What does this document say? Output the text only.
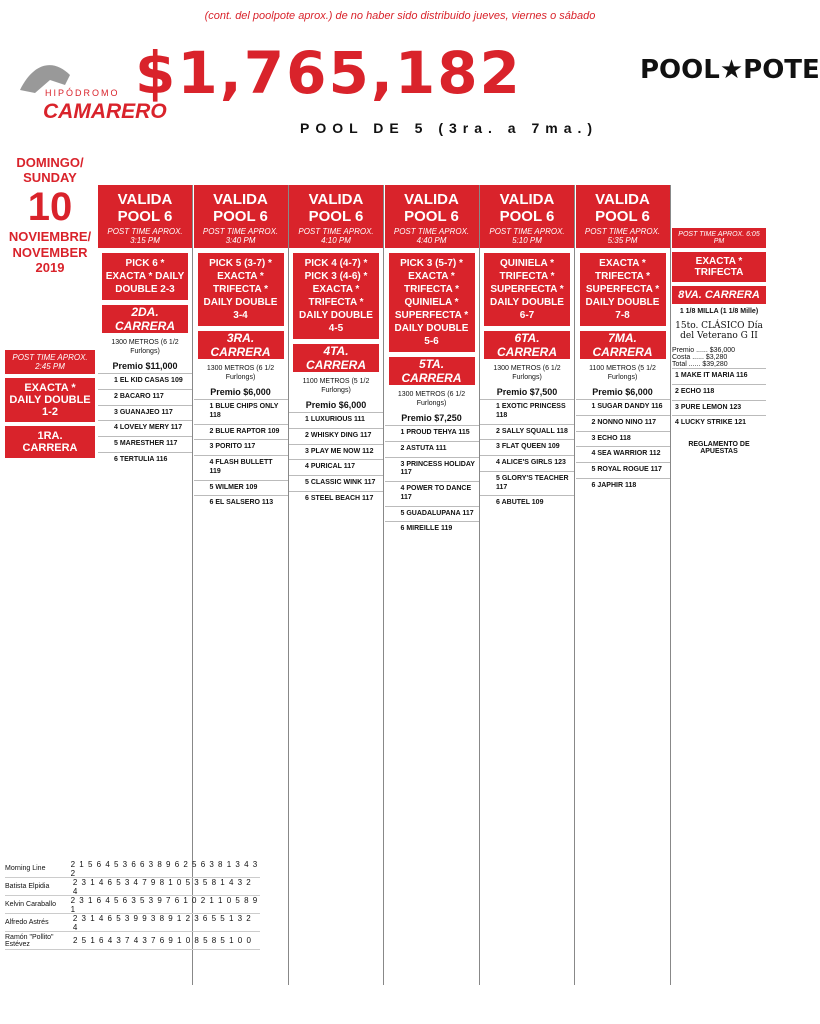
(cont. del poolpote aprox.) de no haber sido distribuido jueves, viernes o sábado
HIPÓDROMO
CAMARERO
$1,765,182	POOL★POTE
POOL DE 5 (3ra. a 7ma.)
DOMINGO/ SUNDAY
10
NOVIEMBRE/ NOVEMBER
2019
POST TIME APROX. 2:45 PM
EXACTA * DAILY DOUBLE 1-2
1RA. CARRERA
VALIDA POOL 6
POST TIME APROX. 3:15 PM
PICK 6 * EXACTA * DAILY DOUBLE 2-3
2DA. CARRERA
1300 METROS (6 1/2 Furlongs)
Premio $11,000
1 EL KID CASAS 109
2 BACARO 117
3 GUANAJEO 117
4 LOVELY MERY 117
5 MARESTHER 117
6 TERTULIA 116
VALIDA POOL 6
POST TIME APROX. 3:40 PM
PICK 5 (3-7) * EXACTA * TRIFECTA * DAILY DOUBLE 3-4
3RA. CARRERA
1300 METROS (6 1/2 Furlongs)
Premio $6,000
1 BLUE CHIPS ONLY 118
2 BLUE RAPTOR 109
3 PORITO 117
4 FLASH BULLETT 119
5 WILMER 109
6 EL SALSERO 113
VALIDA POOL 6
POST TIME APROX. 4:10 PM
PICK 4 (4-7) * PICK 3 (4-6) * EXACTA * TRIFECTA * DAILY DOUBLE 4-5
4TA. CARRERA
1100 METROS (5 1/2 Furlongs)
Premio $6,000
1 LUXURIOUS 111
2 WHISKY DING 117
3 PLAY ME NOW 112
4 PURICAL 117
5 CLASSIC WINK 117
6 STEEL BEACH 117
VALIDA POOL 6
POST TIME APROX. 4:40 PM
PICK 3 (5-7) * EXACTA * TRIFECTA * QUINIELA * SUPERFECTA * DAILY DOUBLE 5-6
5TA. CARRERA
1300 METROS (6 1/2 Furlongs)
Premio $7,250
1 PROUD TEHYA 115
2 ASTUTA 111
3 PRINCESS HOLIDAY 117
4 POWER TO DANCE 117
5 GUADALUPANA 117
6 MIREILLE 119
VALIDA POOL 6
POST TIME APROX. 5:10 PM
QUINIELA * TRIFECTA * SUPERFECTA * DAILY DOUBLE 6-7
6TA. CARRERA
1300 METROS (6 1/2 Furlongs)
Premio $7,500
1 EXOTIC PRINCESS 118
2 SALLY SQUALL 118
3 FLAT QUEEN 109
4 ALICE'S GIRLS 123
5 GLORY'S TEACHER 117
6 ABUTEL 109
VALIDA POOL 6
POST TIME APROX. 5:35 PM
EXACTA * TRIFECTA * SUPERFECTA * DAILY DOUBLE 7-8
7MA. CARRERA
1100 METROS (5 1/2 Furlongs)
Premio $6,000
1 SUGAR DANDY 116
2 NONNO NINO 117
3 ECHO 118
4 SEA WARRIOR 112
5 ROYAL ROGUE 117
6 JAPHIR 118
POST TIME APROX. 6:05 PM
EXACTA * TRIFECTA
8VA. CARRERA
1 1/8 MILLA (1 1/8 Mille)
15to. CLÁSICO Día del Veterano G II
Premio ...... $36,000
Costa ...... $3,280
Total ...... $39,280
1 MAKE IT MARIA 116
2 ECHO 118
3 PURE LEMON 123
4 LUCKY STRIKE 121
REGLAMENTO DE APUESTAS
Morning Line	2 1 5 6 4 5 3 6 6 3 8 9 6 2 5 6 3 8 1 3 4 3 2
Batista Elpidia	2 3 1 4 6 5 3 4 7 9 8 1 0 5 3 5 8 1 4 3 2 4
Kelvin Caraballo	2 3 1 6 4 5 6 3 5 3 9 7 6 1 0 2 1 1 0 5 8 9 1
Alfredo Astrés	2 3 1 4 6 5 3 9 9 3 8 9 1 2 3 6 5 5 1 3 2 4
Ramón "Pollito" Estévez	2 5 1 6 4 3 7 4 3 7 6 9 1 0 8 5 8 5 1 0 0
